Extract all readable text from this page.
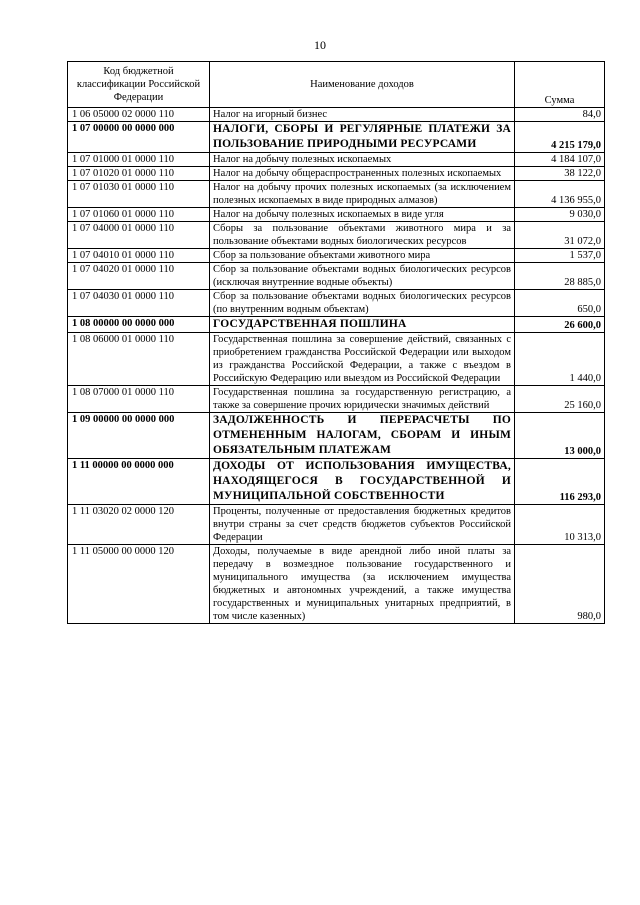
10
Код бюджетной классификации Российской Федерации	Наименование доходов	Сумма
1 06 05000 02 0000 110	Налог на игорный бизнес	84,0
1 07 00000 00 0000 000	НАЛОГИ, СБОРЫ И РЕГУЛЯРНЫЕ ПЛАТЕЖИ ЗА ПОЛЬЗОВАНИЕ ПРИРОДНЫМИ РЕСУРСАМИ	4 215 179,0
1 07 01000 01 0000 110	Налог на добычу полезных ископаемых	4 184 107,0
1 07 01020 01 0000 110	Налог на добычу общераспространенных полезных ископаемых	38 122,0
1 07 01030 01 0000 110	Налог на добычу прочих полезных ископаемых (за исключением полезных ископаемых в виде природных алмазов)	4 136 955,0
1 07 01060 01 0000 110	Налог на добычу полезных ископаемых в виде угля	9 030,0
1 07 04000 01 0000 110	Сборы за пользование объектами животного мира и за пользование объектами водных биологических ресурсов	31 072,0
1 07 04010 01 0000 110	Сбор за пользование объектами животного мира	1 537,0
1 07 04020 01 0000 110	Сбор за пользование объектами водных биологических ресурсов (исключая внутренние водные объекты)	28 885,0
1 07 04030 01 0000 110	Сбор за пользование объектами водных биологических ресурсов (по внутренним водным объектам)	650,0
1 08 00000 00 0000 000	ГОСУДАРСТВЕННАЯ ПОШЛИНА	26 600,0
1 08 06000 01 0000 110	Государственная пошлина за совершение действий, связанных с приобретением гражданства Российской Федерации или выходом из гражданства Российской Федерации, а также с въездом в Российскую Федерацию или выездом из Российской Федерации	1 440,0
1 08 07000 01 0000 110	Государственная пошлина за государственную регистрацию, а также за совершение прочих юридически значимых действий	25 160,0
1 09 00000 00 0000 000	ЗАДОЛЖЕННОСТЬ И ПЕРЕРАСЧЕТЫ ПО ОТМЕНЕННЫМ НАЛОГАМ, СБОРАМ И ИНЫМ ОБЯЗАТЕЛЬНЫМ ПЛАТЕЖАМ	13 000,0
1 11 00000 00 0000 000	ДОХОДЫ ОТ ИСПОЛЬЗОВАНИЯ ИМУЩЕСТВА, НАХОДЯЩЕГОСЯ В ГОСУДАРСТВЕННОЙ И МУНИЦИПАЛЬНОЙ СОБСТВЕННОСТИ	116 293,0
1 11 03020 02 0000 120	Проценты, полученные от предоставления бюджетных кредитов внутри страны за счет средств бюджетов субъектов Российской Федерации	10 313,0
1 11 05000 00 0000 120	Доходы, получаемые в виде арендной либо иной платы за передачу в возмездное пользование государственного и муниципального имущества (за исключением имущества бюджетных и автономных учреждений, а также имущества государственных и муниципальных унитарных предприятий, в том числе казенных)	980,0
